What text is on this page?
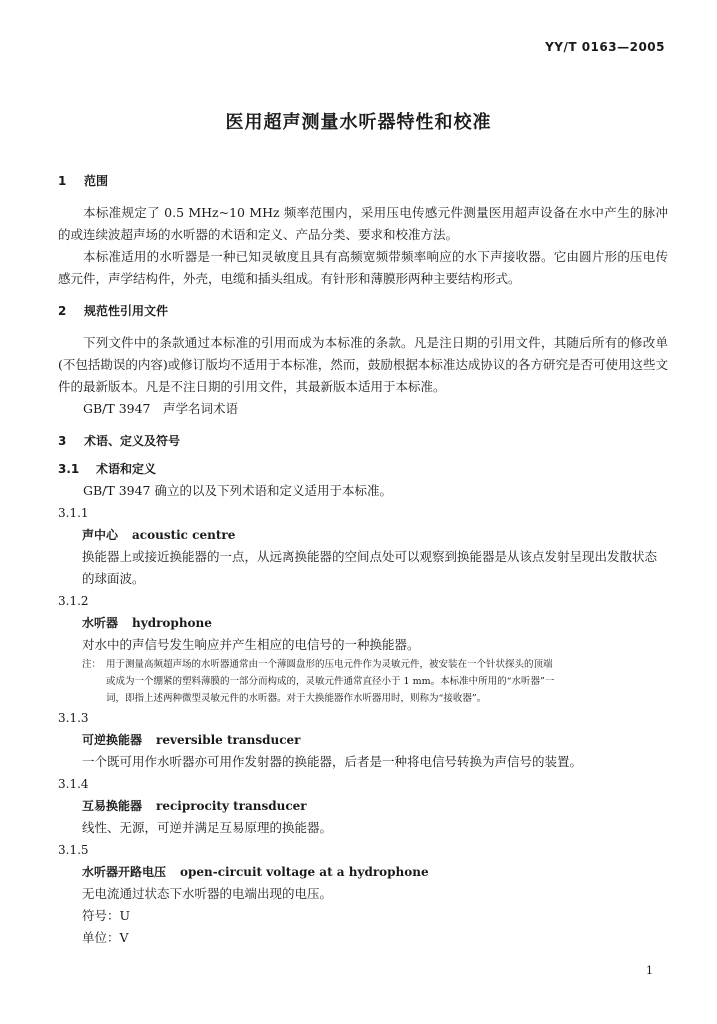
YY/T 0163—2005
医用超声测量水听器特性和校准

1 范围

本标准规定了 0.5 MHz~10 MHz 频率范围内，采用压电传感元件测量医用超声设备在水中产生的脉冲的或连续波超声场的水听器的术语和定义、产品分类、要求和校准方法。

本标准适用的水听器是一种已知灵敏度且具有高频宽频带频率响应的水下声接收器。它由圆片形的压电传感元件，声学结构件，外壳，电缆和插头组成。有针形和薄膜形两种主要结构形式。

2 规范性引用文件

下列文件中的条款通过本标准的引用而成为本标准的条款。凡是注日期的引用文件，其随后所有的修改单(不包括勘误的内容)或修订版均不适用于本标准，然而，鼓励根据本标准达成协议的各方研究是否可使用这些文件的最新版本。凡是不注日期的引用文件，其最新版本适用于本标准。

GB/T 3947　声学名词术语

3 术语、定义及符号

3.1 术语和定义

GB/T 3947 确立的以及下列术语和定义适用于本标准。

3.1.1

声中心 acoustic centre

换能器上或接近换能器的一点，从远离换能器的空间点处可以观察到换能器是从该点发射呈现出发散状态的球面波。

3.1.2

水听器 hydrophone

对水中的声信号发生响应并产生相应的电信号的一种换能器。

注： 用于测量高频超声场的水听器通常由一个薄圆盘形的压电元件作为灵敏元件，被安装在一个针状探头的顶端

或成为一个绷紧的塑料薄膜的一部分而构成的，灵敏元件通常直径小于 1 mm。本标准中所用的“水听器”一

词，即指上述两种微型灵敏元件的水听器。对于大换能器作水听器用时，则称为“接收器”。

3.1.3

可逆换能器 reversible transducer

一个既可用作水听器亦可用作发射器的换能器，后者是一种将电信号转换为声信号的装置。

3.1.4

互易换能器 reciprocity transducer

线性、无源，可逆并满足互易原理的换能器。

3.1.5

水听器开路电压 open-circuit voltage at a hydrophone

无电流通过状态下水听器的电端出现的电压。

符号：U

单位：V

1
